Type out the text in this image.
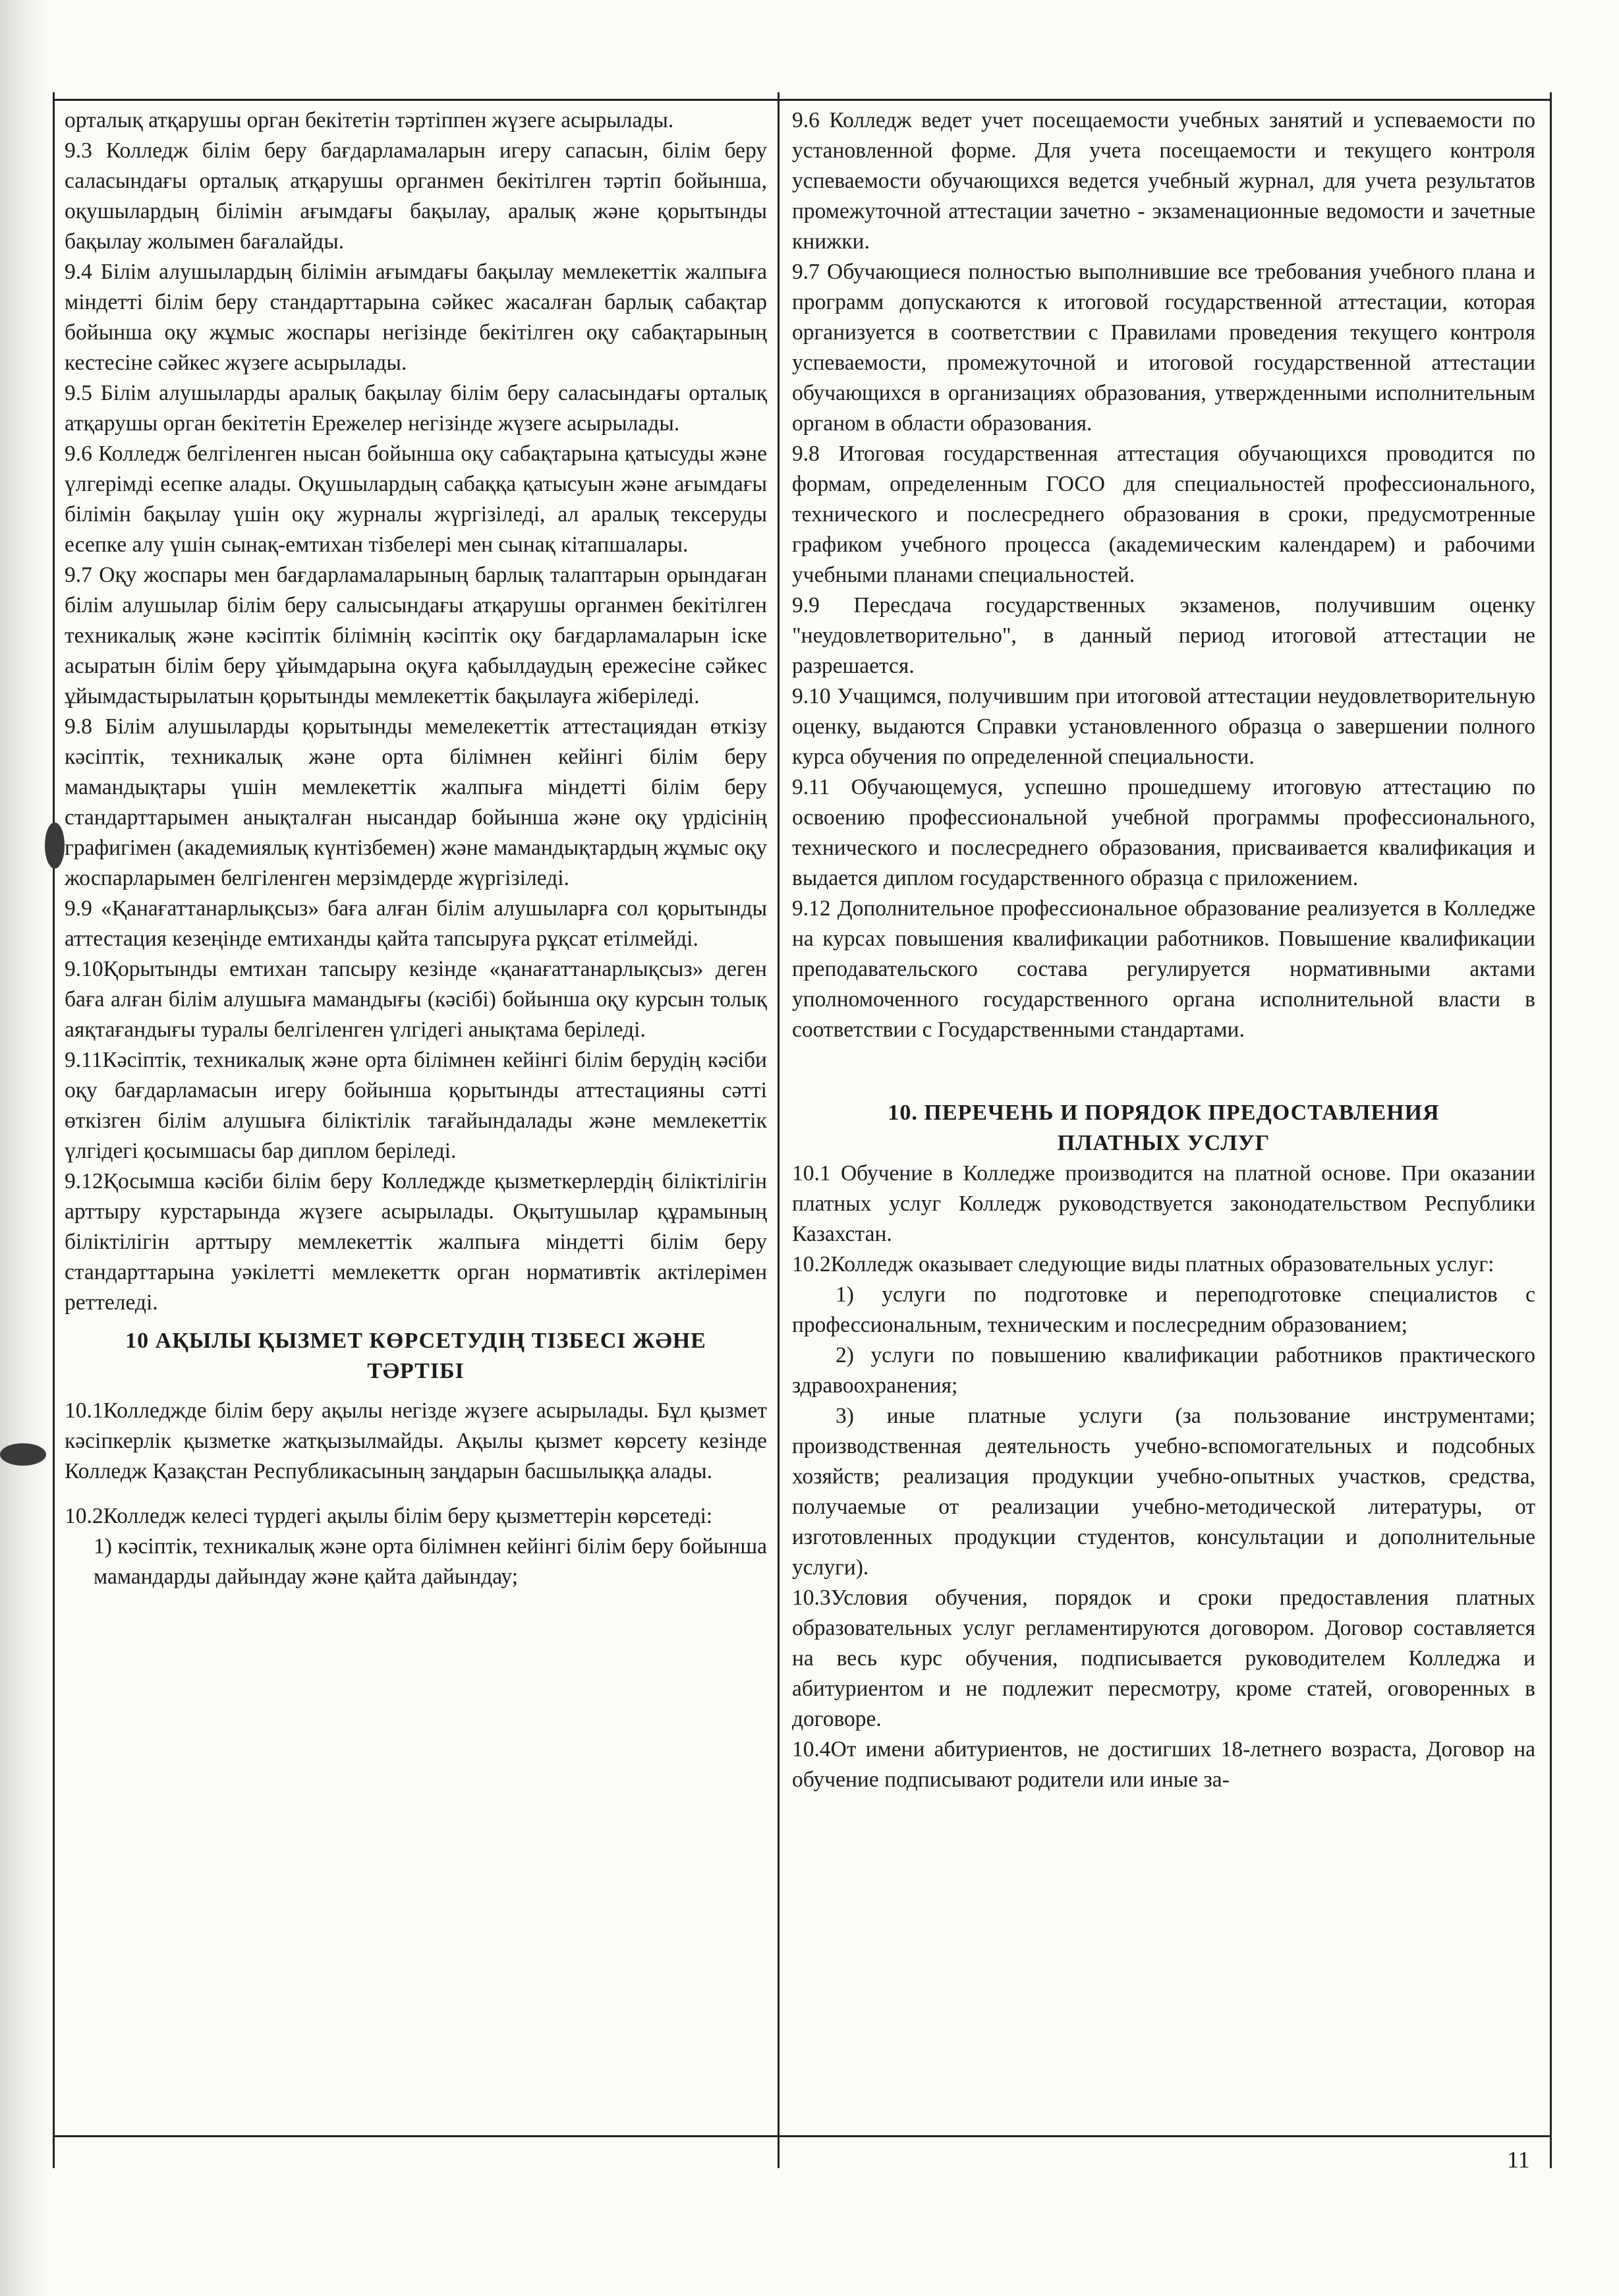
орталық атқарушы орган бекітетін тәртіппен жүзеге асырылады.

9.3 Колледж білім беру бағдарламаларын игеру сапасын, білім беру саласындағы орталық атқарушы органмен бекітілген тәртіп бойынша, оқушылардың білімін ағымдағы бақылау, аралық және қорытынды бақылау жолымен бағалайды.

9.4 Білім алушылардың білімін ағымдағы бақылау мемлекеттік жалпыға міндетті білім беру стандарттарына сәйкес жасалған барлық сабақтар бойынша оқу жұмыс жоспары негізінде бекітілген оқу сабақтарының кестесіне сәйкес жүзеге асырылады.

9.5 Білім алушыларды аралық бақылау білім беру саласындағы орталық атқарушы орган бекітетін Ережелер негізінде жүзеге асырылады.

9.6 Колледж белгіленген нысан бойынша оқу сабақтарына қатысуды және үлгерімді есепке алады. Оқушылардың сабаққа қатысуын және ағымдағы білімін бақылау үшін оқу журналы жүргізіледі, ал аралық тексеруды есепке алу үшін сынақ-емтихан тізбелері мен сынақ кітапшалары.

9.7 Оқу жоспары мен бағдарламаларының барлық талаптарын орындаған білім алушылар білім беру салысындағы атқарушы органмен бекітілген техникалық және кәсіптік білімнің кәсіптік оқу бағдарламаларын іске асыратын білім беру ұйымдарына оқуға қабылдаудың ережесіне сәйкес ұйымдастырылатын қорытынды мемлекеттік бақылауға жіберіледі.

9.8 Білім алушыларды қорытынды мемелекеттік аттестациядан өткізу кәсіптік, техникалық және орта білімнен кейінгі білім беру мамандықтары үшін мемлекеттік жалпыға міндетті білім беру стандарттарымен анықталған нысандар бойынша және оқу үрдісінің графигімен (академиялық күнтізбемен) және мамандықтардың жұмыс оқу жоспарларымен белгіленген мерзімдерде жүргізіледі.

9.9 «Қанағаттанарлықсыз» баға алған білім алушыларға сол қорытынды аттестация кезеңінде емтиханды қайта тапсыруға рұқсат етілмейді.

9.10Қорытынды емтихан тапсыру кезінде «қанағаттанарлықсыз» деген баға алған білім алушыға мамандығы (кәсібі) бойынша оқу курсын толық аяқтағандығы туралы белгіленген үлгідегі анықтама беріледі.

9.11Кәсіптік, техникалық және орта білімнен кейінгі білім берудің кәсіби оқу бағдарламасын игеру бойынша қорытынды аттестацияны сәтті өткізген білім алушыға біліктілік тағайындалады және мемлекеттік үлгідегі қосымшасы бар диплом беріледі.

9.12Қосымша кәсіби білім беру Колледжде қызметкерлердің біліктілігін арттыру курстарында жүзеге асырылады. Оқытушылар құрамының біліктілігін арттыру мемлекеттік жалпыға міндетті білім беру стандарттарына уәкілетті мемлекеттк орган нормативтік актілерімен реттеледі.

10 АҚЫЛЫ ҚЫЗМЕТ КӨРСЕТУДІҢ ТІЗБЕСІ ЖӘНЕ
ТӘРТІБІ

10.1Колледжде білім беру ақылы негізде жүзеге асырылады. Бұл қызмет кәсіпкерлік қызметке жатқызылмайды. Ақылы қызмет көрсету кезінде Колледж Қазақстан Республикасының заңдарын басшылыққа алады.

10.2Колледж келесі түрдегі ақылы білім беру қызметтерін көрсетеді:

1) кәсіптік, техникалық және орта білімнен кейінгі білім беру бойынша мамандарды дайындау және қайта дайындау;

9.6 Колледж ведет учет посещаемости учебных занятий и успеваемости по установленной форме. Для учета посещаемости и текущего контроля успеваемости обучающихся ведется учебный журнал, для учета результатов промежуточной аттестации зачетно - экзаменационные ведомости и зачетные книжки.

9.7 Обучающиеся полностью выполнившие все требования учебного плана и программ допускаются к итоговой государственной аттестации, которая организуется в соответствии с Правилами проведения текущего контроля успеваемости, промежуточной и итоговой государственной аттестации обучающихся в организациях образования, утвержденными исполнительным органом в области образования.

9.8 Итоговая государственная аттестация обучающихся проводится по формам, определенным ГОСО для специальностей профессионального, технического и послесреднего образования в сроки, предусмотренные графиком учебного процесса (академическим календарем) и рабочими учебными планами специальностей.

9.9 Пересдача государственных экзаменов, получившим оценку "неудовлетворительно", в данный период итоговой аттестации не разрешается.

9.10 Учащимся, получившим при итоговой аттестации неудовлетворительную оценку, выдаются Справки установленного образца о завершении полного курса обучения по определенной специальности.

9.11 Обучающемуся, успешно прошедшему итоговую аттестацию по освоению профессиональной учебной программы профессионального, технического и послесреднего образования, присваивается квалификация и выдается диплом государственного образца с приложением.

9.12 Дополнительное профессиональное образование реализуется в Колледже на курсах повышения квалификации работников. Повышение квалификации преподавательского состава регулируется нормативными актами уполномоченного государственного органа исполнительной власти в соответствии с Государственными стандартами.

10. ПЕРЕЧЕНЬ И ПОРЯДОК ПРЕДОСТАВЛЕНИЯ
ПЛАТНЫХ УСЛУГ

10.1 Обучение в Колледже производится на платной основе. При оказании платных услуг Колледж руководствуется законодательством Республики Казахстан.

10.2Колледж оказывает следующие виды платных образовательных услуг:

1) услуги по подготовке и переподготовке специалистов с профессиональным, техническим и послесредним образованием;

2) услуги по повышению квалификации работников практического здравоохранения;

3) иные платные услуги (за пользование инструментами; производственная деятельность учебно-вспомогательных и подсобных хозяйств; реализация продукции учебно-опытных участков, средства, получаемые от реализации учебно-методической литературы, от изготовленных продукции студентов, консультации и дополнительные услуги).

10.3Условия обучения, порядок и сроки предоставления платных образовательных услуг регламентируются договором. Договор составляется на весь курс обучения, подписывается руководителем Колледжа и абитуриентом и не подлежит пересмотру, кроме статей, оговоренных в договоре.

10.4От имени абитуриентов, не достигших 18-летнего возраста, Договор на обучение подписывают родители или иные за-

11
